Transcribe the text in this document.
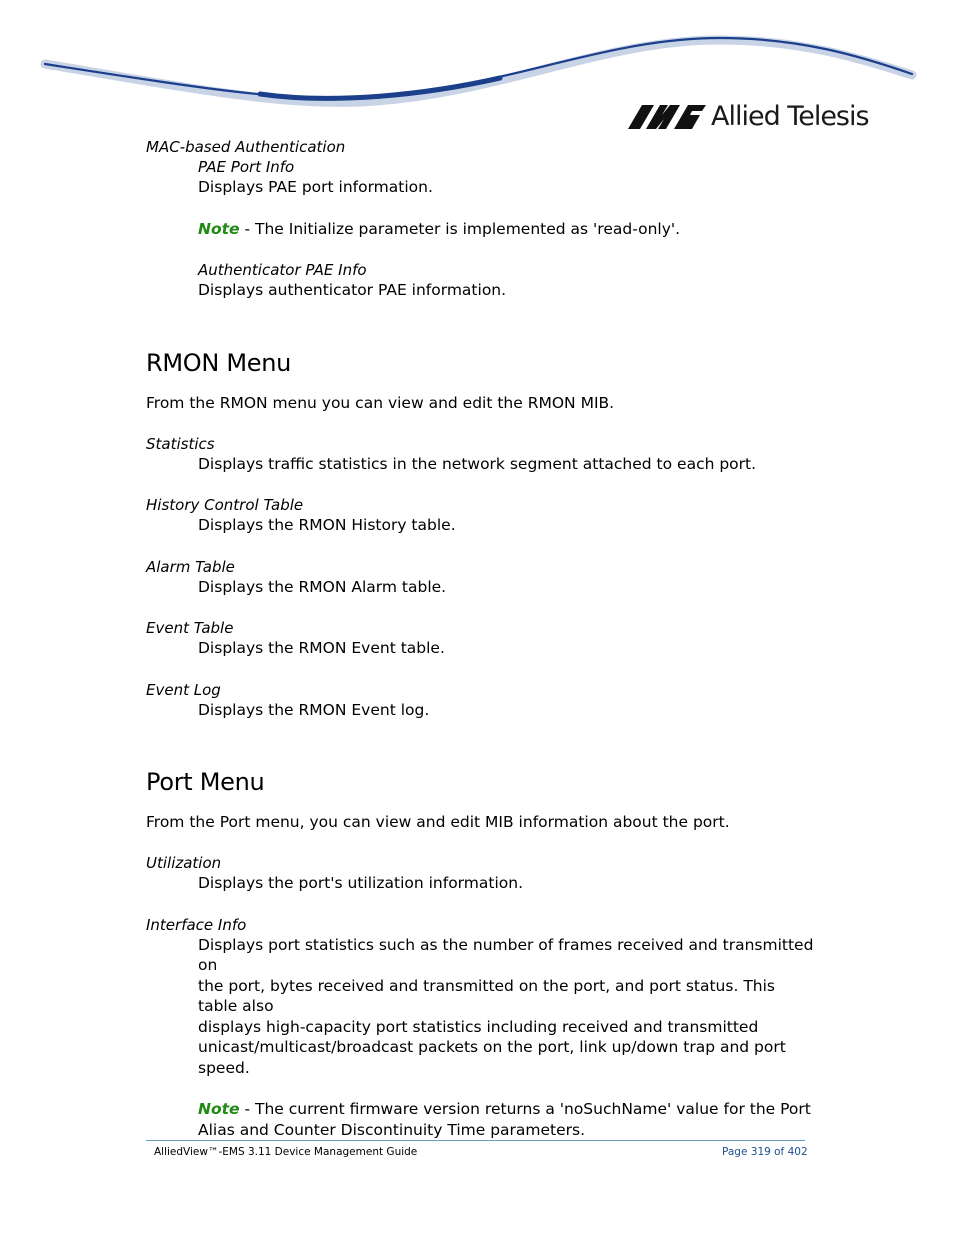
Allied Telesis

MAC-based Authentication

PAE Port Info

Displays PAE port information.

Note - The Initialize parameter is implemented as 'read-only'.

Authenticator PAE Info

Displays authenticator PAE information.

RMON Menu

From the RMON menu you can view and edit the RMON MIB.

Statistics

Displays traffic statistics in the network segment attached to each port.

History Control Table

Displays the RMON History table.

Alarm Table

Displays the RMON Alarm table.

Event Table

Displays the RMON Event table.

Event Log

Displays the RMON Event log.

Port Menu

From the Port menu, you can view and edit MIB information about the port.

Utilization

Displays the port's utilization information.

Interface Info

Displays port statistics such as the number of frames received and transmitted on

the port, bytes received and transmitted on the port, and port status. This table also

displays high-capacity port statistics including received and transmitted

unicast/multicast/broadcast packets on the port, link up/down trap and port speed.

Note - The current firmware version returns a 'noSuchName' value for the Port

Alias and Counter Discontinuity Time parameters.

AlliedView™-EMS 3.11 Device Management Guide	Page 319 of 402
